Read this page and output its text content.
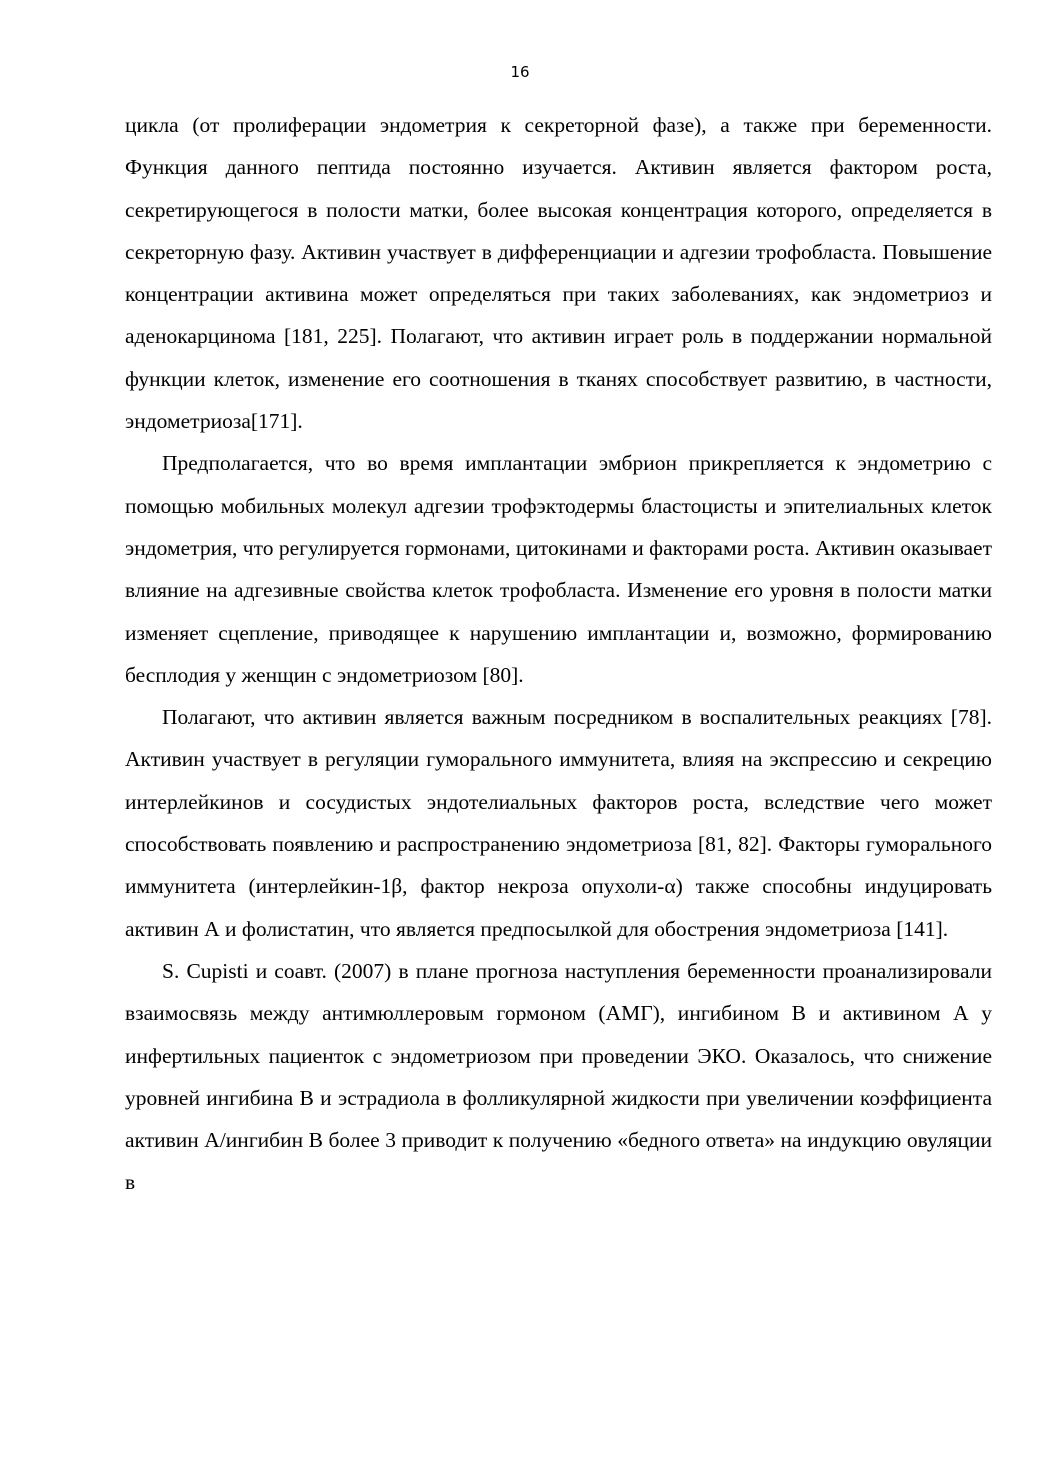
16

цикла (от пролиферации эндометрия к секреторной фазе), а также при беременности. Функция данного пептида постоянно изучается. Активин является фактором роста, секретирующегося в полости матки, более высокая концентрация которого, определяется в секреторную фазу. Активин участвует в дифференциации и адгезии трофобласта. Повышение концентрации активина может определяться при таких заболеваниях, как эндометриоз и аденокарцинома [181, 225]. Полагают, что активин играет роль в поддержании нормальной функции клеток, изменение его соотношения в тканях способствует развитию, в частности, эндометриоза[171].

Предполагается, что во время имплантации эмбрион прикрепляется к эндометрию с помощью мобильных молекул адгезии трофэктодермы бластоцисты и эпителиальных клеток эндометрия, что регулируется гормонами, цитокинами и факторами роста. Активин оказывает влияние на адгезивные свойства клеток трофобласта. Изменение его уровня в полости матки изменяет сцепление, приводящее к нарушению имплантации и, возможно, формированию бесплодия у женщин с эндометриозом [80].

Полагают, что активин является важным посредником в воспалительных реакциях [78]. Активин участвует в регуляции гуморального иммунитета, влияя на экспрессию и секрецию интерлейкинов и сосудистых эндотелиальных факторов роста, вследствие чего может способствовать появлению и распространению эндометриоза [81, 82]. Факторы гуморального иммунитета (интерлейкин-1β, фактор некроза опухоли-α) также способны индуцировать активин А и фолистатин, что является предпосылкой для обострения эндометриоза [141].

S. Cupisti и соавт. (2007) в плане прогноза наступления беременности проанализировали взаимосвязь между антимюллеровым гормоном (АМГ), ингибином В и активином А у инфертильных пациенток с эндометриозом при проведении ЭКО. Оказалось, что снижение уровней ингибина В и эстрадиола в фолликулярной жидкости при увеличении коэффициента активин А/ингибин В более 3 приводит к получению «бедного ответа» на индукцию овуляции в
